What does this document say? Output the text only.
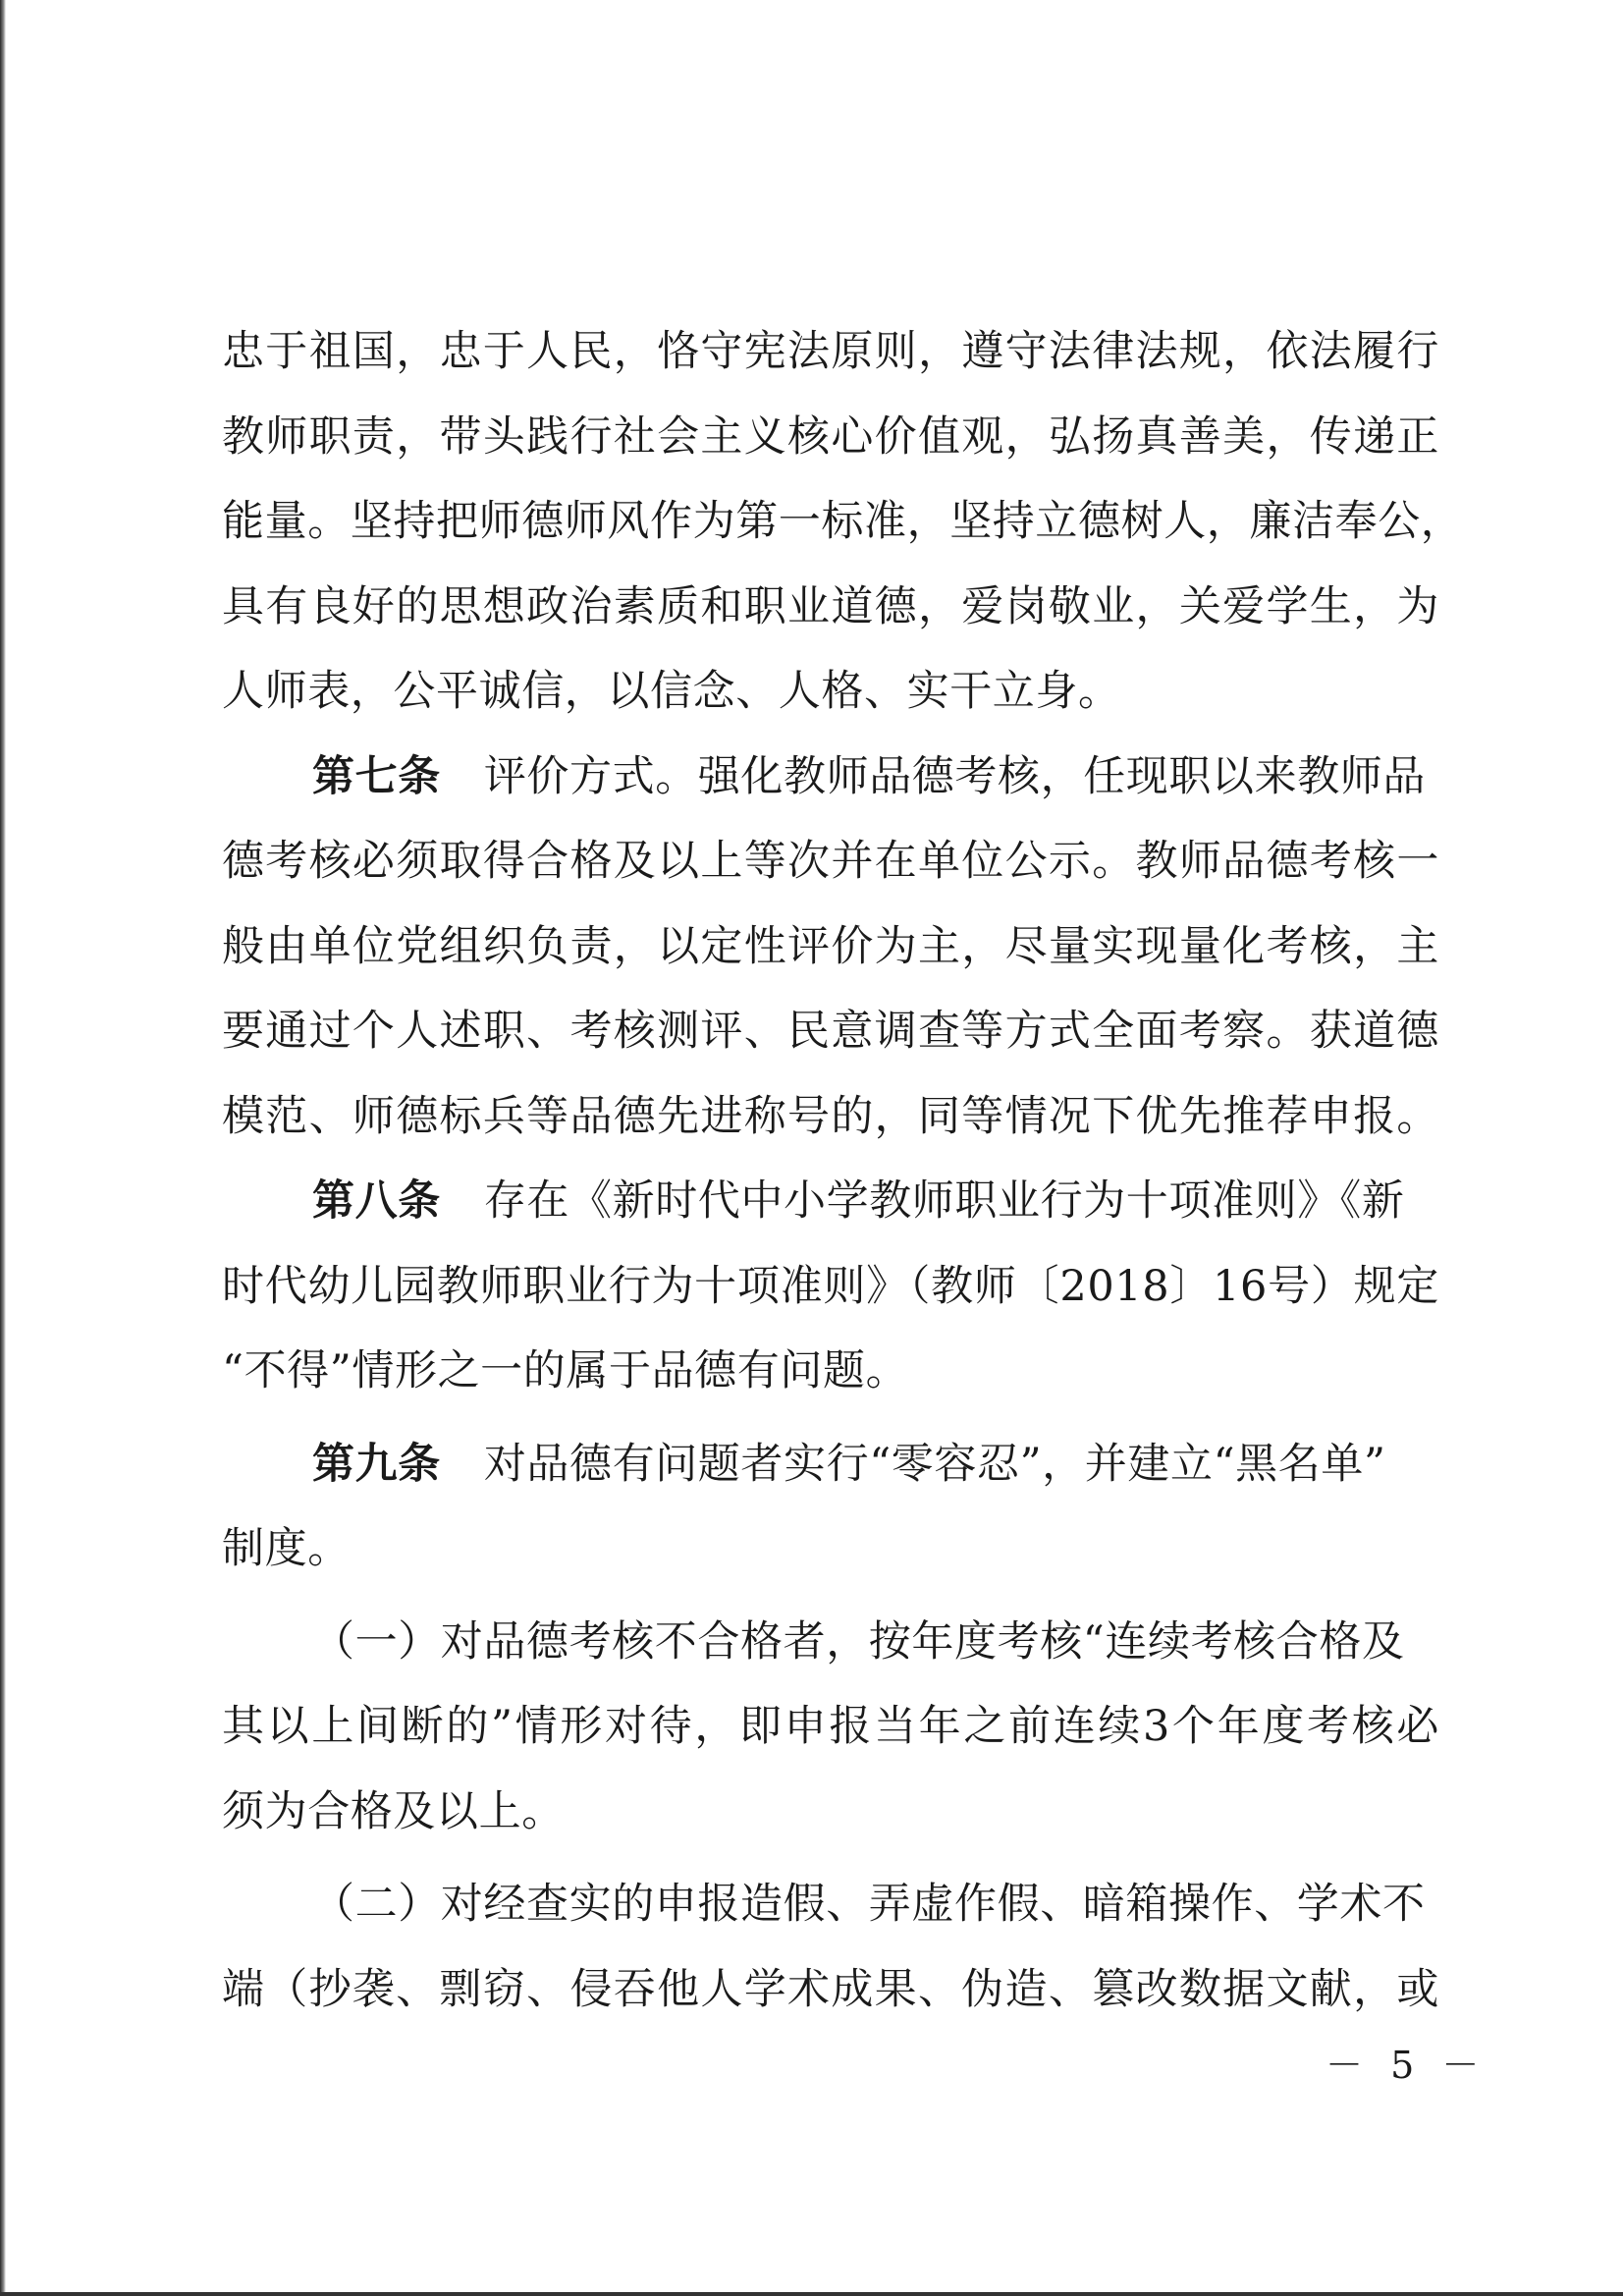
忠于祖国，忠于人民，恪守宪法原则，遵守法律法规，依法履行
教师职责，带头践行社会主义核心价值观，弘扬真善美，传递正
能量。坚持把师德师风作为第一标准，坚持立德树人，廉洁奉公，
具有良好的思想政治素质和职业道德，爱岗敬业，关爱学生，为
人师表，公平诚信，以信念、人格、实干立身。
第七条 评价方式。强化教师品德考核，任现职以来教师品
德考核必须取得合格及以上等次并在单位公示。教师品德考核一
般由单位党组织负责，以定性评价为主，尽量实现量化考核，主
要通过个人述职、考核测评、民意调查等方式全面考察。获道德
模范、师德标兵等品德先进称号的，同等情况下优先推荐申报。
第八条 存在《新时代中小学教师职业行为十项准则》《新
时代幼儿园教师职业行为十项准则》（教师〔2018〕16号）规定
“不得”情形之一的属于品德有问题。
第九条 对品德有问题者实行“零容忍”，并建立“黑名单”
制度。
（一）对品德考核不合格者，按年度考核“连续考核合格及
其以上间断的”情形对待，即申报当年之前连续3个年度考核必
须为合格及以上。
（二）对经查实的申报造假、弄虚作假、暗箱操作、学术不
端（抄袭、剽窃、侵吞他人学术成果、伪造、篡改数据文献，或
－ 5 －
